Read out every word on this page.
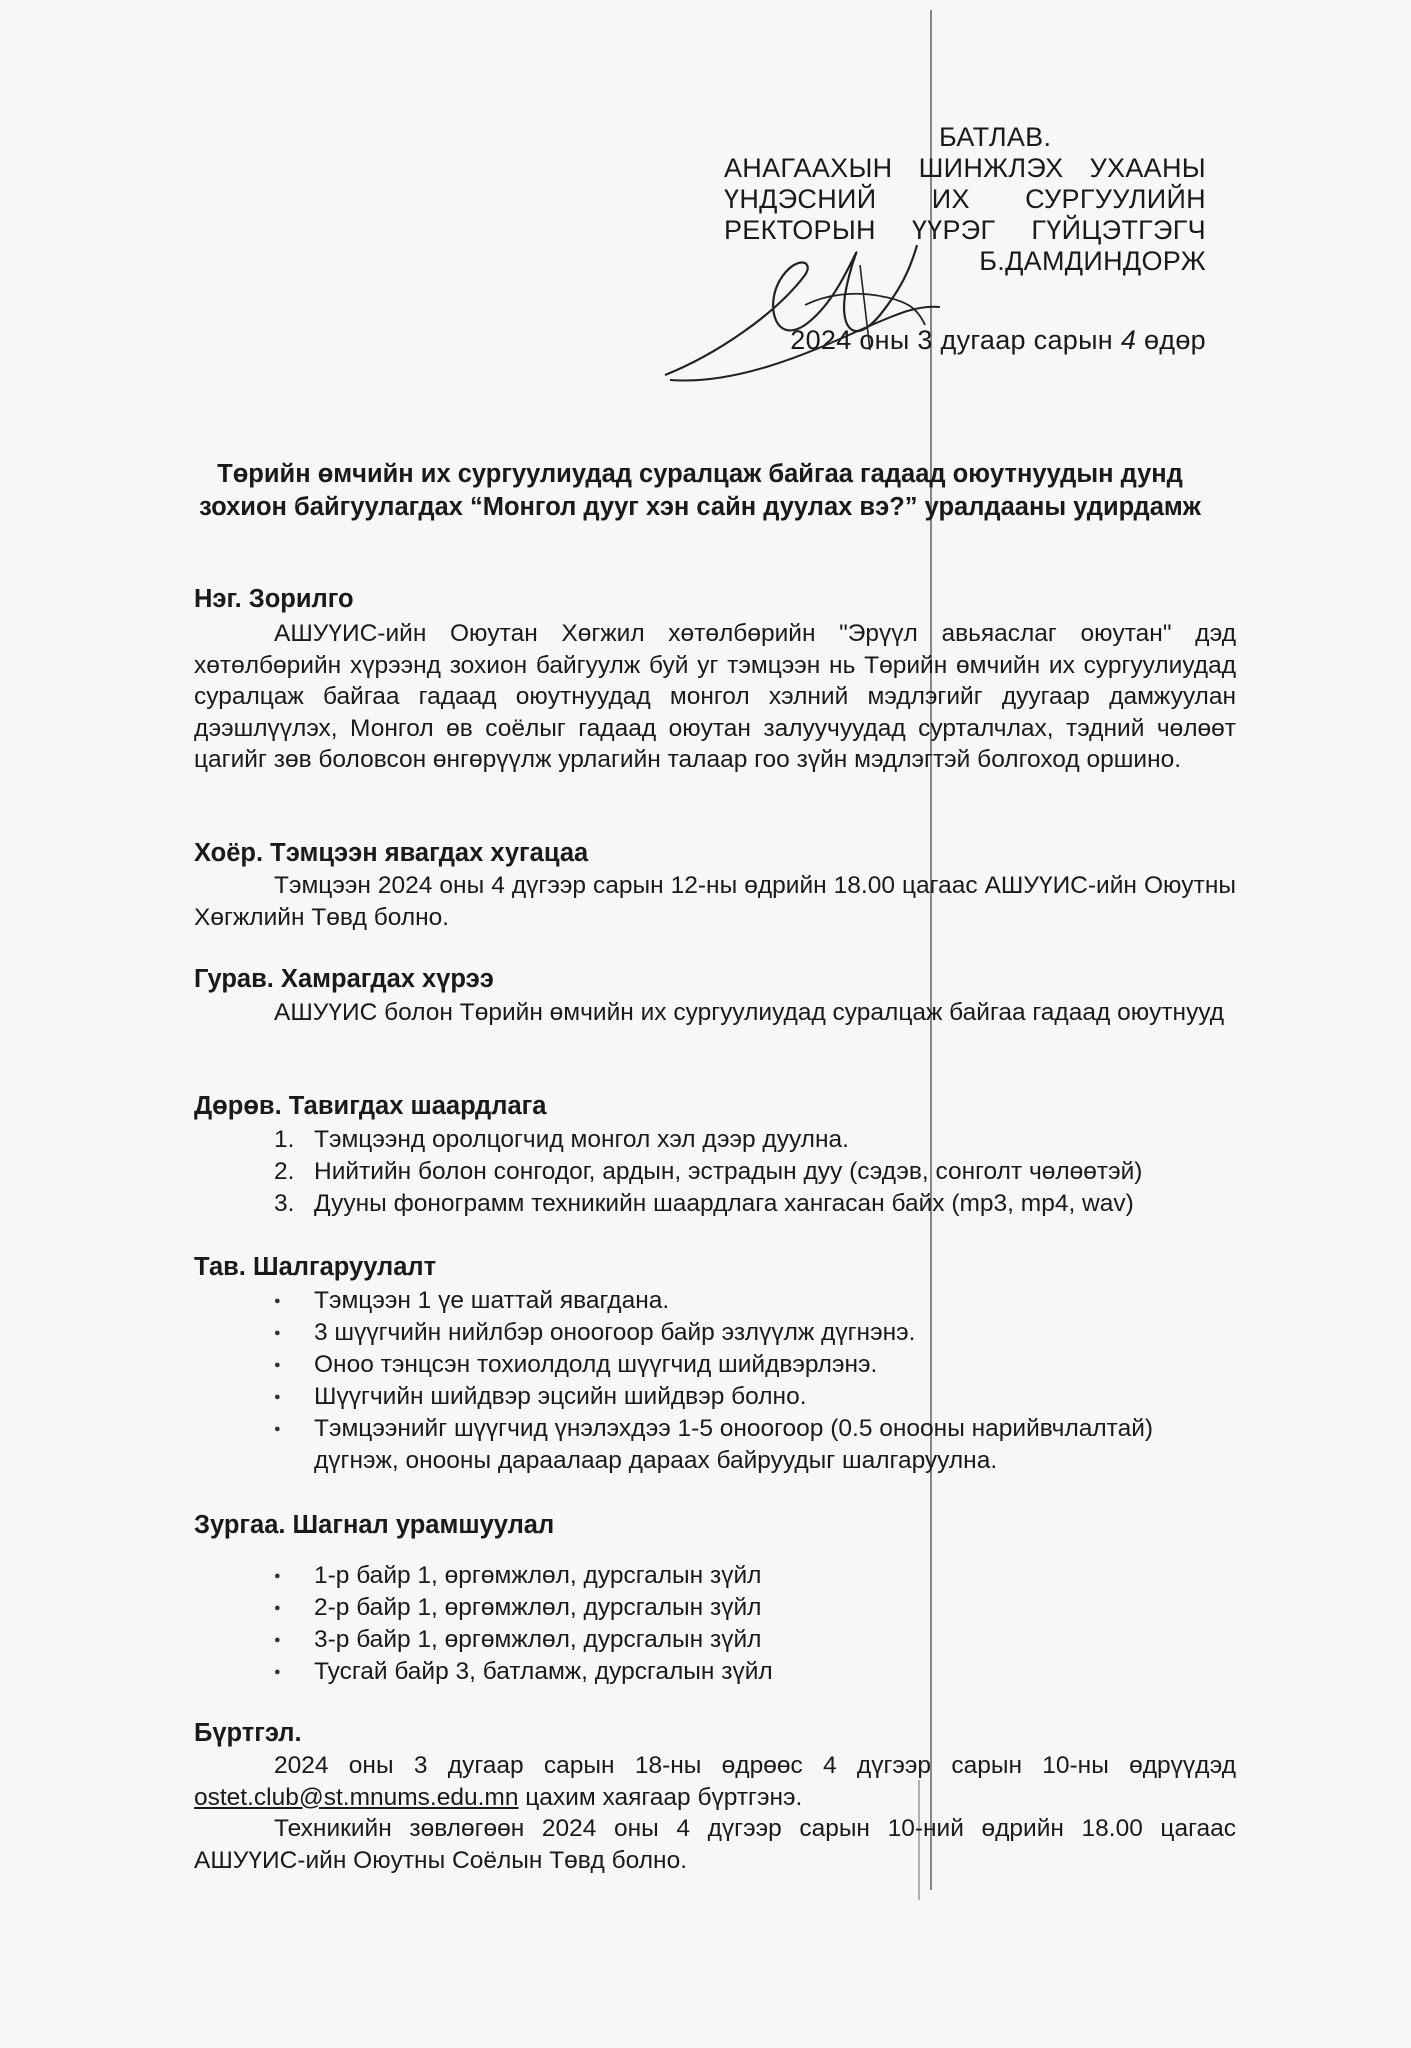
БАТЛАВ.
АНАГААХЫН ШИНЖЛЭХ УХААНЫ
ҮНДЭСНИЙ ИХ СУРГУУЛИЙН
РЕКТОРЫН ҮҮРЭГ ГҮЙЦЭТГЭГЧ
Б.ДАМДИНДОРЖ
2024 оны 3 дугаар сарын 4 өдөр
Төрийн өмчийн их сургуулиудад суралцаж байгаа гадаад оюутнуудын дунд зохион байгуулагдах “Монгол дууг хэн сайн дуулах вэ?” уралдааны удирдамж
Нэг. Зорилго
АШУҮИС-ийн Оюутан Хөгжил хөтөлбөрийн "Эрүүл авьяаслаг оюутан" дэд хөтөлбөрийн хүрээнд зохион байгуулж буй уг тэмцээн нь Төрийн өмчийн их сургуулиудад суралцаж байгаа гадаад оюутнуудад монгол хэлний мэдлэгийг дуугаар дамжуулан дээшлүүлэх, Монгол өв соёлыг гадаад оюутан залуучуудад сурталчлах, тэдний чөлөөт цагийг зөв боловсон өнгөрүүлж урлагийн талаар гоо зүйн мэдлэгтэй болгоход оршино.
Хоёр. Тэмцээн явагдах хугацаа
Тэмцээн 2024 оны 4 дүгээр сарын 12-ны өдрийн 18.00 цагаас АШУҮИС-ийн Оюутны Хөгжлийн Төвд болно.
Гурав. Хамрагдах хүрээ
АШУҮИС болон Төрийн өмчийн их сургуулиудад суралцаж байгаа гадаад оюутнууд
Дөрөв. Тавигдах шаардлага
1. Тэмцээнд оролцогчид монгол хэл дээр дуулна.
2. Нийтийн болон сонгодог, ардын, эстрадын дуу (сэдэв, сонголт чөлөөтэй)
3. Дууны фонограмм техникийн шаардлага хангасан байх (mp3, mp4, wav)
Тав. Шалгаруулалт
● Тэмцээн 1 үе шаттай явагдана.
● 3 шүүгчийн нийлбэр оноогоор байр эзлүүлж дүгнэнэ.
● Оноо тэнцсэн тохиолдолд шүүгчид шийдвэрлэнэ.
● Шүүгчийн шийдвэр эцсийн шийдвэр болно.
● Тэмцээнийг шүүгчид үнэлэхдээ 1-5 оноогоор (0.5 онооны нарийвчлалтай) дүгнэж, онооны дараалаар дараах байруудыг шалгаруулна.
Зургаа. Шагнал урамшуулал
● 1-р байр 1, өргөмжлөл, дурсгалын зүйл
● 2-р байр 1, өргөмжлөл, дурсгалын зүйл
● 3-р байр 1, өргөмжлөл, дурсгалын зүйл
● Тусгай байр 3, батламж, дурсгалын зүйл
Бүртгэл.
2024 оны 3 дугаар сарын 18-ны өдрөөс 4 дүгээр сарын 10-ны өдрүүдэд ostet.club@st.mnums.edu.mn цахим хаягаар бүртгэнэ.
Техникийн зөвлөгөөн 2024 оны 4 дүгээр сарын 10-ний өдрийн 18.00 цагаас АШУҮИС-ийн Оюутны Соёлын Төвд болно.
